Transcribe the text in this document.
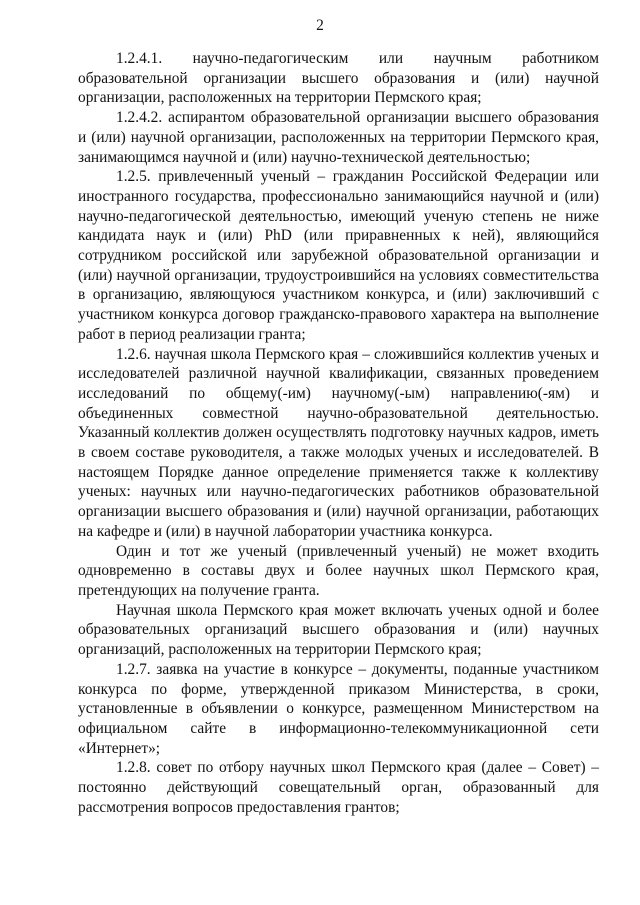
2

1.2.4.1. научно-педагогическим или научным работником образовательной организации высшего образования и (или) научной организации, расположенных на территории Пермского края;

1.2.4.2. аспирантом образовательной организации высшего образования и (или) научной организации, расположенных на территории Пермского края, занимающимся научной и (или) научно-технической деятельностью;

1.2.5. привлеченный ученый – гражданин Российской Федерации или иностранного государства, профессионально занимающийся научной и (или) научно-педагогической деятельностью, имеющий ученую степень не ниже кандидата наук и (или) PhD (или приравненных к ней), являющийся сотрудником российской или зарубежной образовательной организации и (или) научной организации, трудоустроившийся на условиях совместительства в организацию, являющуюся участником конкурса, и (или) заключивший с участником конкурса договор гражданско-правового характера на выполнение работ в период реализации гранта;

1.2.6. научная школа Пермского края – сложившийся коллектив ученых и исследователей различной научной квалификации, связанных проведением исследований по общему(-им) научному(-ым) направлению(-ям) и объединенных совместной научно-образовательной деятельностью. Указанный коллектив должен осуществлять подготовку научных кадров, иметь в своем составе руководителя, а также молодых ученых и исследователей. В настоящем Порядке данное определение применяется также к коллективу ученых: научных или научно-педагогических работников образовательной организации высшего образования и (или) научной организации, работающих на кафедре и (или) в научной лаборатории участника конкурса.

Один и тот же ученый (привлеченный ученый) не может входить одновременно в составы двух и более научных школ Пермского края, претендующих на получение гранта.

Научная школа Пермского края может включать ученых одной и более образовательных организаций высшего образования и (или) научных организаций, расположенных на территории Пермского края;

1.2.7. заявка на участие в конкурсе – документы, поданные участником конкурса по форме, утвержденной приказом Министерства, в сроки, установленные в объявлении о конкурсе, размещенном Министерством на официальном сайте в информационно-телекоммуникационной сети «Интернет»;

1.2.8. совет по отбору научных школ Пермского края (далее – Совет) – постоянно действующий совещательный орган, образованный для рассмотрения вопросов предоставления грантов;
